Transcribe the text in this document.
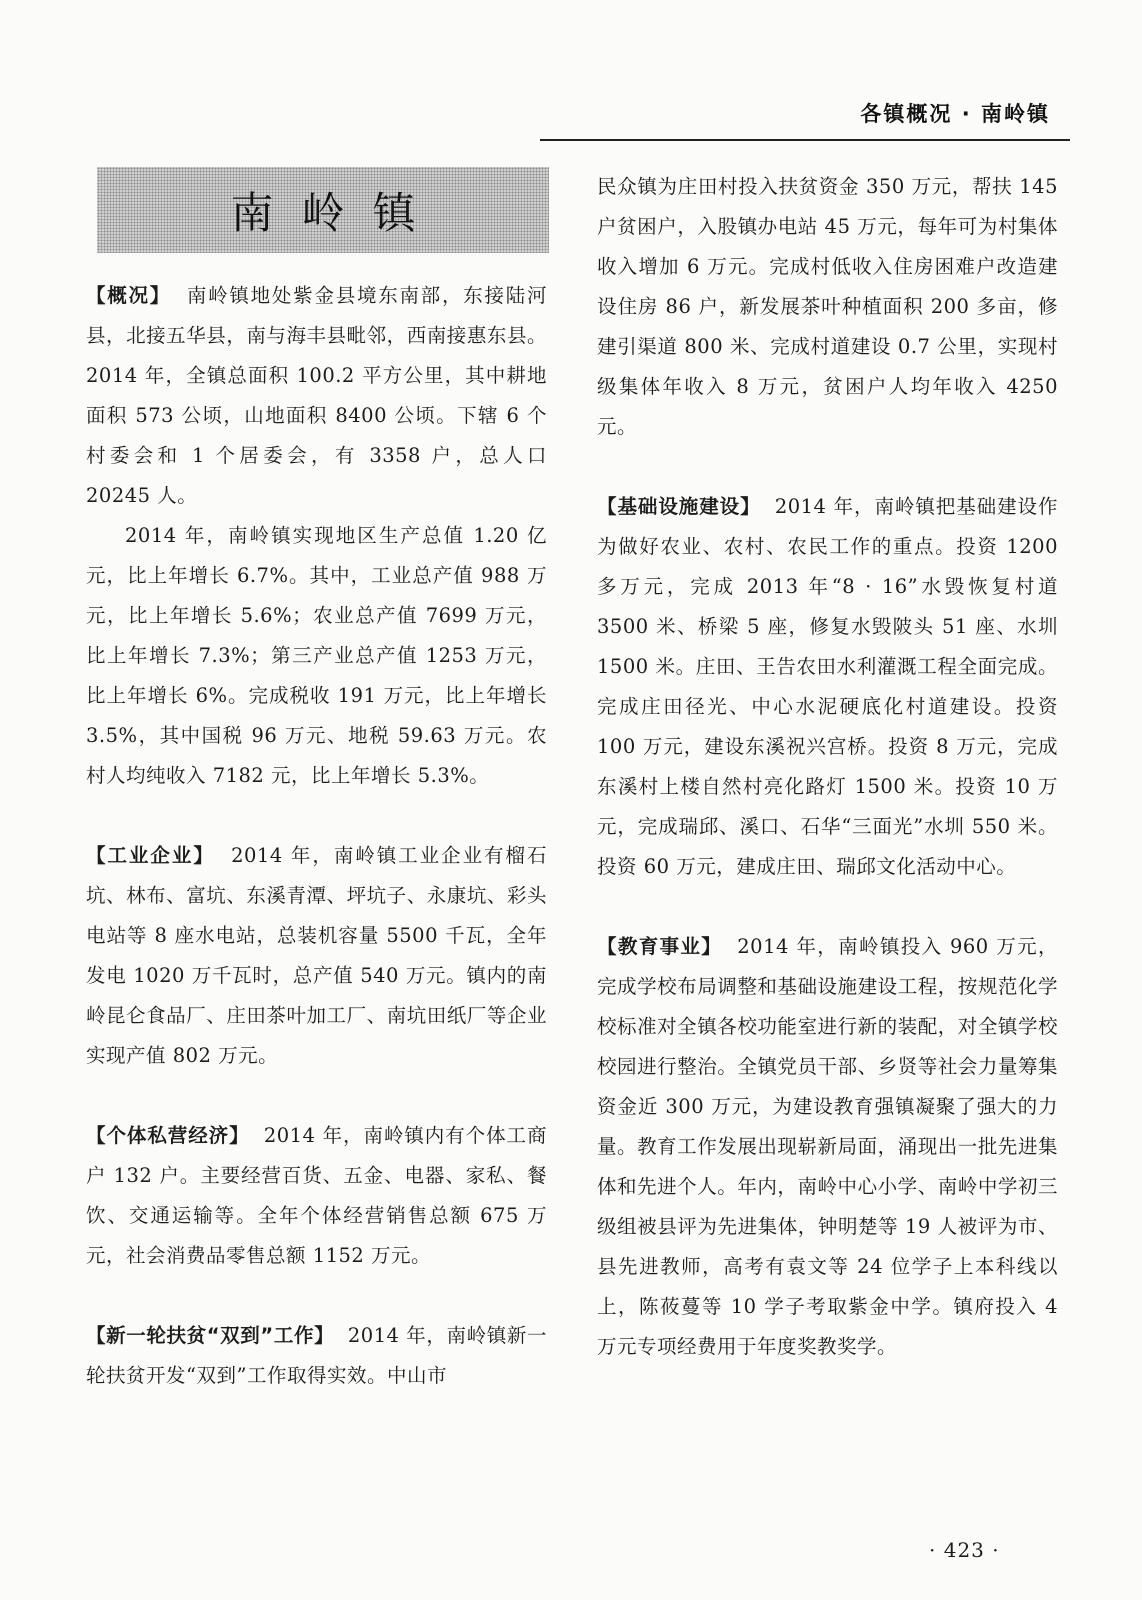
各镇概况 · 南岭镇
南岭镇

【概况】 南岭镇地处紫金县境东南部，东接陆河县，北接五华县，南与海丰县毗邻，西南接惠东县。2014 年，全镇总面积 100.2 平方公里，其中耕地面积 573 公顷，山地面积 8400 公顷。下辖 6 个村委会和 1 个居委会，有 3358 户，总人口 20245 人。

2014 年，南岭镇实现地区生产总值 1.20 亿元，比上年增长 6.7%。其中，工业总产值 988 万元，比上年增长 5.6%；农业总产值 7699 万元，比上年增长 7.3%；第三产业总产值 1253 万元，比上年增长 6%。完成税收 191 万元，比上年增长 3.5%，其中国税 96 万元、地税 59.63 万元。农村人均纯收入 7182 元，比上年增长 5.3%。

【工业企业】 2014 年，南岭镇工业企业有榴石坑、林布、富坑、东溪青潭、坪坑子、永康坑、彩头电站等 8 座水电站，总装机容量 5500 千瓦，全年发电 1020 万千瓦时，总产值 540 万元。镇内的南岭昆仑食品厂、庄田茶叶加工厂、南坑田纸厂等企业实现产值 802 万元。

【个体私营经济】 2014 年，南岭镇内有个体工商户 132 户。主要经营百货、五金、电器、家私、餐饮、交通运输等。全年个体经营销售总额 675 万元，社会消费品零售总额 1152 万元。

【新一轮扶贫“双到”工作】 2014 年，南岭镇新一轮扶贫开发“双到”工作取得实效。中山市

民众镇为庄田村投入扶贫资金 350 万元，帮扶 145 户贫困户，入股镇办电站 45 万元，每年可为村集体收入增加 6 万元。完成村低收入住房困难户改造建设住房 86 户，新发展茶叶种植面积 200 多亩，修建引渠道 800 米、完成村道建设 0.7 公里，实现村级集体年收入 8 万元，贫困户人均年收入 4250 元。

【基础设施建设】 2014 年，南岭镇把基础建设作为做好农业、农村、农民工作的重点。投资 1200 多万元，完成 2013 年“8 · 16”水毁恢复村道 3500 米、桥梁 5 座，修复水毁陂头 51 座、水圳 1500 米。庄田、王告农田水利灌溉工程全面完成。完成庄田径光、中心水泥硬底化村道建设。投资 100 万元，建设东溪祝兴宫桥。投资 8 万元，完成东溪村上楼自然村亮化路灯 1500 米。投资 10 万元，完成瑞邱、溪口、石华“三面光”水圳 550 米。投资 60 万元，建成庄田、瑞邱文化活动中心。

【教育事业】 2014 年，南岭镇投入 960 万元，完成学校布局调整和基础设施建设工程，按规范化学校标准对全镇各校功能室进行新的装配，对全镇学校校园进行整治。全镇党员干部、乡贤等社会力量筹集资金近 300 万元，为建设教育强镇凝聚了强大的力量。教育工作发展出现崭新局面，涌现出一批先进集体和先进个人。年内，南岭中心小学、南岭中学初三级组被县评为先进集体，钟明楚等 19 人被评为市、县先进教师，高考有袁文等 24 位学子上本科线以上，陈莜蔓等 10 学子考取紫金中学。镇府投入 4 万元专项经费用于年度奖教奖学。

· 423 ·
